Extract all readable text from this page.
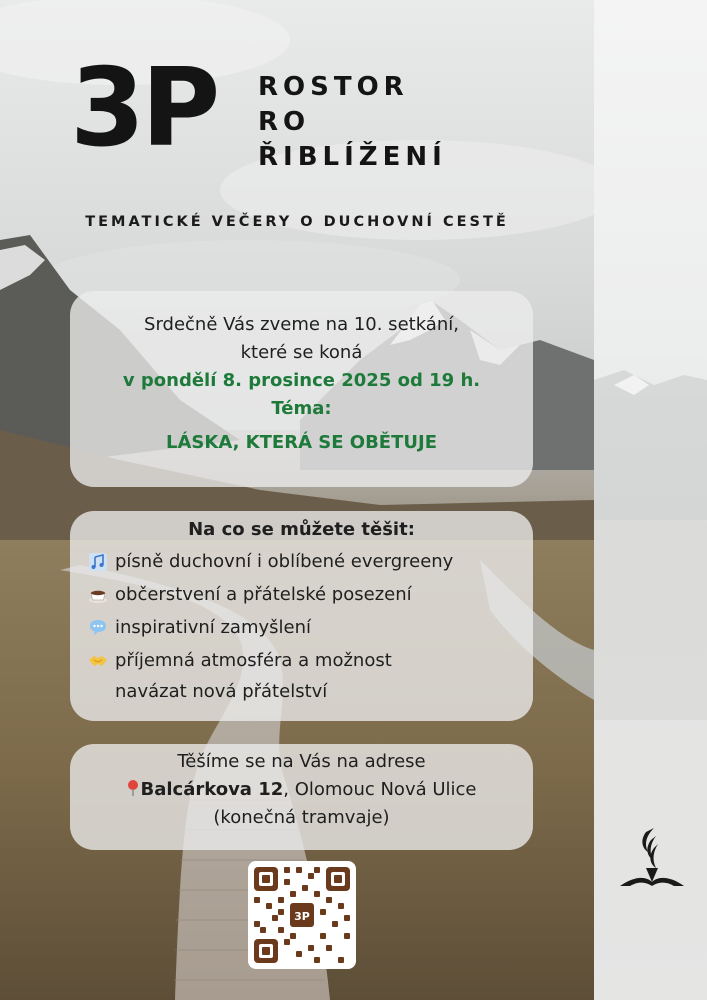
3P ROSTOR
RO
ŘIBLÍŽENÍ
TEMATICKÉ VEČERY O DUCHOVNÍ CESTĚ
Srdečně Vás zveme na 10. setkání,
které se koná
v pondělí 8. prosince 2025 od 19 h.
Téma:
LÁSKA, KTERÁ SE OBĚTUJE
Na co se můžete těšit:
písně duchovní i oblíbené evergreeny
občerstvení a přátelské posezení
inspirativní zamyšlení
příjemná atmosféra a možnost
navázat nová přátelství
Těšíme se na Vás na adrese
Balcárkova 12, Olomouc Nová Ulice
(konečná tramvaje)
3P
